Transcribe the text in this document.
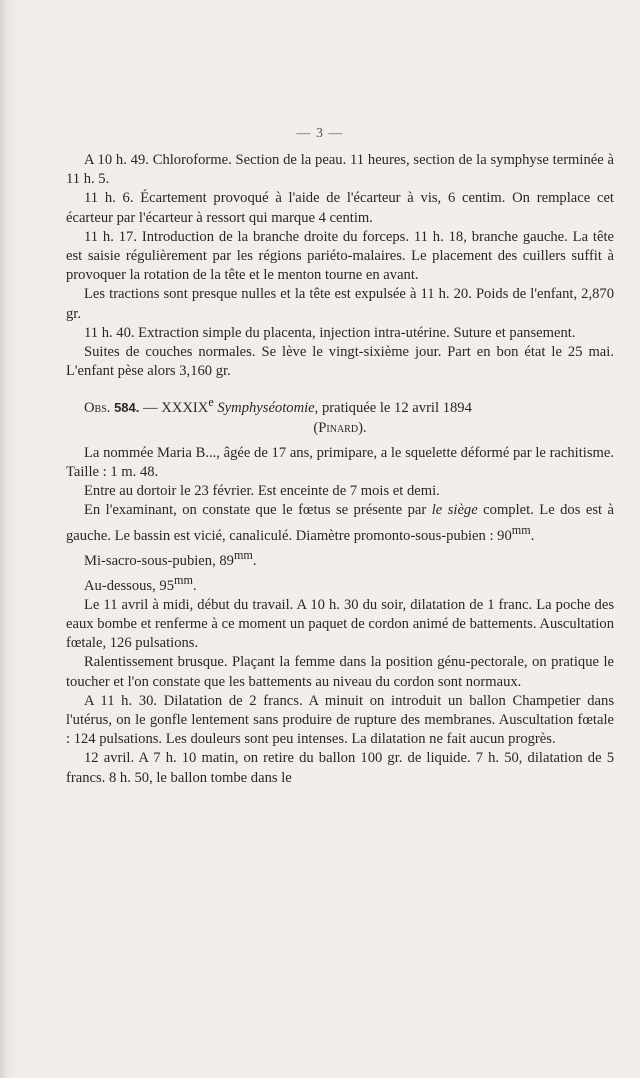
— 3 —

A 10 h. 49. Chloroforme. Section de la peau. 11 heures, section de la symphyse terminée à 11 h. 5.

11 h. 6. Écartement provoqué à l'aide de l'écarteur à vis, 6 centim. On remplace cet écarteur par l'écarteur à ressort qui marque 4 centim.

11 h. 17. Introduction de la branche droite du forceps. 11 h. 18, branche gauche. La tête est saisie régulièrement par les régions pariéto-malaires. Le placement des cuillers suffit à provoquer la rotation de la tête et le menton tourne en avant.

Les tractions sont presque nulles et la tête est expulsée à 11 h. 20. Poids de l'enfant, 2,870 gr.

11 h. 40. Extraction simple du placenta, injection intra-utérine. Suture et pansement.

Suites de couches normales. Se lève le vingt-sixième jour. Part en bon état le 25 mai. L'enfant pèse alors 3,160 gr.

Obs. 584. — XXXIXe Symphyséotomie, pratiquée le 12 avril 1894

(Pinard).

La nommée Maria B..., âgée de 17 ans, primipare, a le squelette déformé par le rachitisme. Taille : 1 m. 48.

Entre au dortoir le 23 février. Est enceinte de 7 mois et demi.

En l'examinant, on constate que le fœtus se présente par le siège complet. Le dos est à gauche. Le bassin est vicié, canaliculé. Diamètre promonto-sous-pubien : $90^{mm}$.

Mi-sacro-sous-pubien, $89^{mm}$.

Au-dessous, $95^{mm}$.

Le 11 avril à midi, début du travail. A 10 h. 30 du soir, dilatation de 1 franc. La poche des eaux bombe et renferme à ce moment un paquet de cordon animé de battements. Auscultation fœtale, 126 pulsations.

Ralentissement brusque. Plaçant la femme dans la position génu-pectorale, on pratique le toucher et l'on constate que les battements au niveau du cordon sont normaux.

A 11 h. 30. Dilatation de 2 francs. A minuit on introduit un ballon Champetier dans l'utérus, on le gonfle lentement sans produire de rupture des membranes. Auscultation fœtale : 124 pulsations. Les douleurs sont peu intenses. La dilatation ne fait aucun progrès.

12 avril. A 7 h. 10 matin, on retire du ballon 100 gr. de liquide. 7 h. 50, dilatation de 5 francs. 8 h. 50, le ballon tombe dans le
